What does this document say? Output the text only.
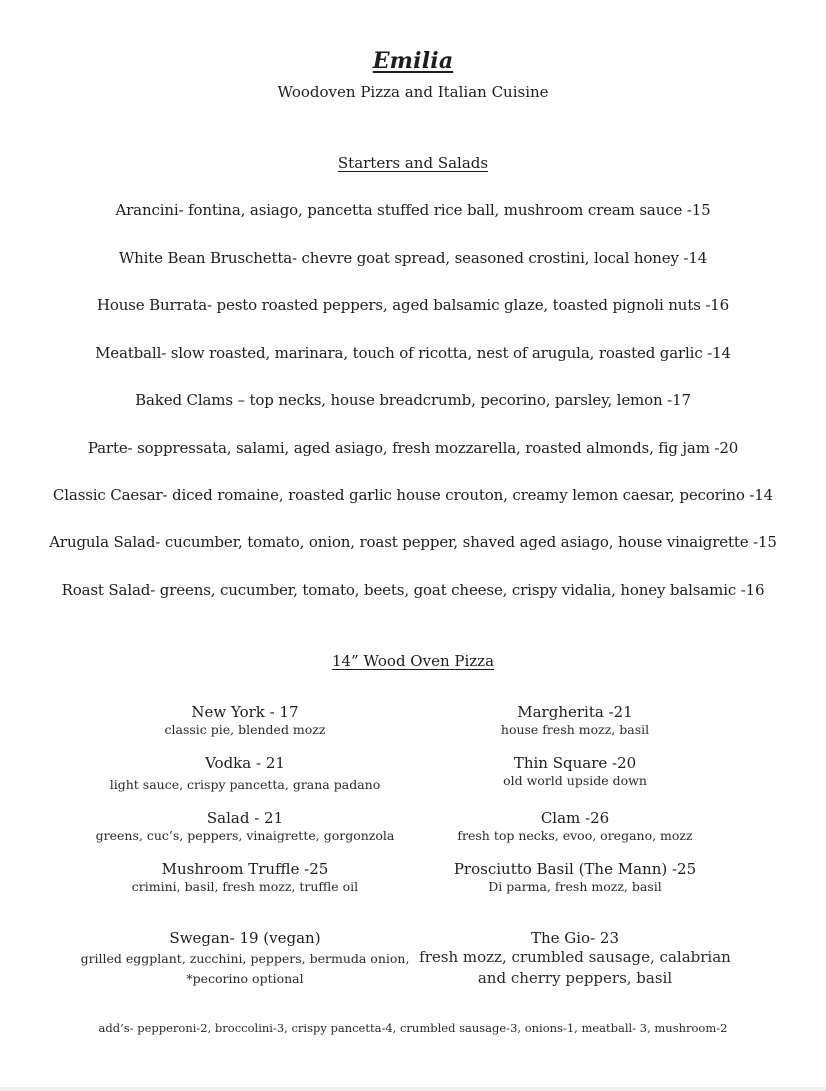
Emilia
Woodoven Pizza and Italian Cuisine
Starters and Salads
Arancini- fontina, asiago, pancetta stuffed rice ball, mushroom cream sauce -15
White Bean Bruschetta- chevre goat spread, seasoned crostini, local honey -14
House Burrata- pesto roasted peppers, aged balsamic glaze, toasted pignoli nuts -16
Meatball- slow roasted, marinara, touch of ricotta, nest of arugula, roasted garlic -14
Baked Clams – top necks, house breadcrumb, pecorino, parsley, lemon -17
Parte- soppressata, salami, aged asiago, fresh mozzarella, roasted almonds, fig jam -20
Classic Caesar- diced romaine, roasted garlic house crouton, creamy lemon caesar, pecorino -14
Arugula Salad- cucumber, tomato, onion, roast pepper, shaved aged asiago, house vinaigrette -15
Roast Salad- greens, cucumber, tomato, beets, goat cheese, crispy vidalia, honey balsamic -16
14” Wood Oven Pizza
New York - 17
classic pie, blended mozz
Vodka - 21
light sauce, crispy pancetta, grana padano
Salad - 21
greens, cuc’s, peppers, vinaigrette, gorgonzola
Mushroom Truffle -25
crimini, basil, fresh mozz, truffle oil
Swegan- 19 (vegan)
grilled eggplant, zucchini, peppers, bermuda onion,
*pecorino optional
Margherita -21
house fresh mozz, basil
Thin Square -20
old world upside down
Clam -26
fresh top necks, evoo, oregano, mozz
Prosciutto Basil (The Mann) -25
Di parma, fresh mozz, basil
The Gio- 23
fresh mozz, crumbled sausage, calabrian
and cherry peppers, basil
add’s- pepperoni-2, broccolini-3, crispy pancetta-4, crumbled sausage-3, onions-1, meatball- 3, mushroom-2
